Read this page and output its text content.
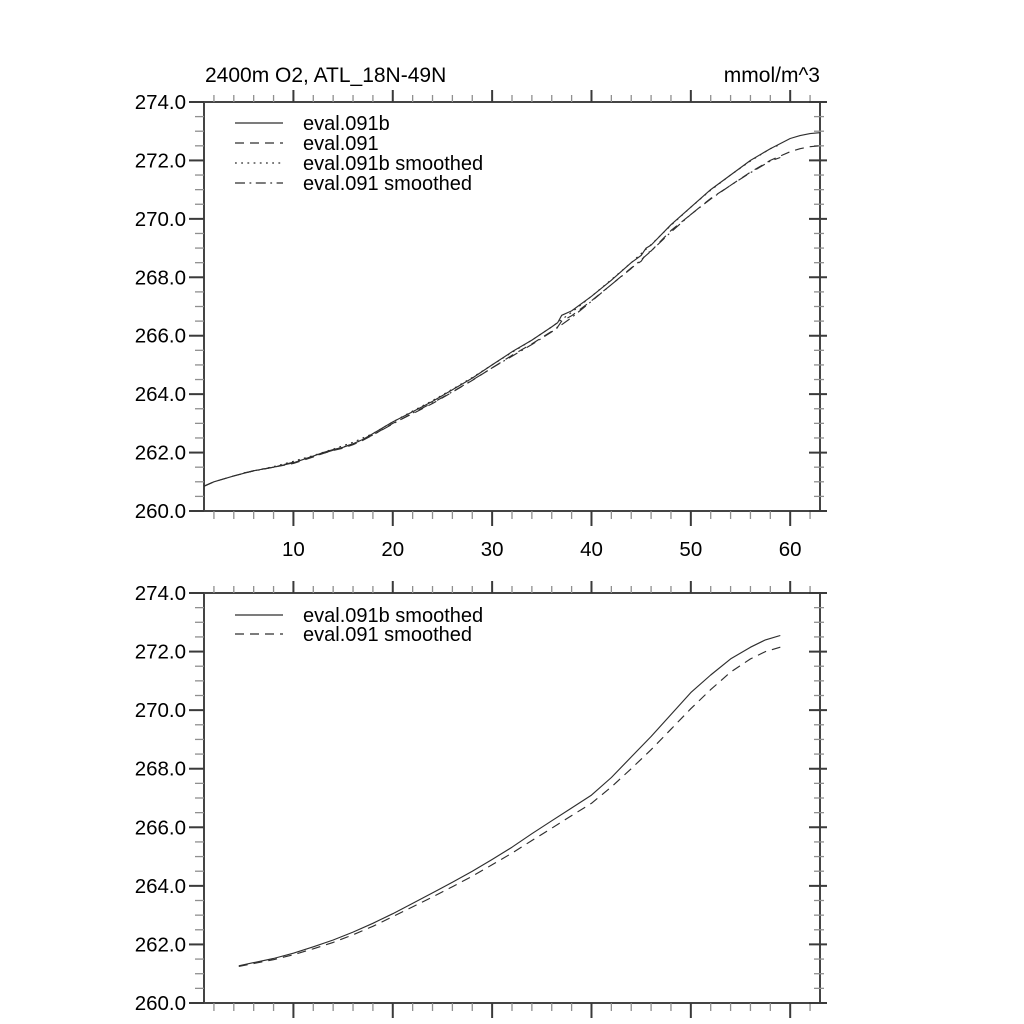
10	20	30	40	50	60
260.0
262.0
264.0
266.0
268.0
270.0
272.0
274.0
2400m O2, ATL_18N-49N	mmol/m^3
eval.091b
eval.091
eval.091b smoothed
eval.091 smoothed
260.0
262.0
264.0
266.0
268.0
270.0
272.0
274.0
eval.091b smoothed
eval.091 smoothed
